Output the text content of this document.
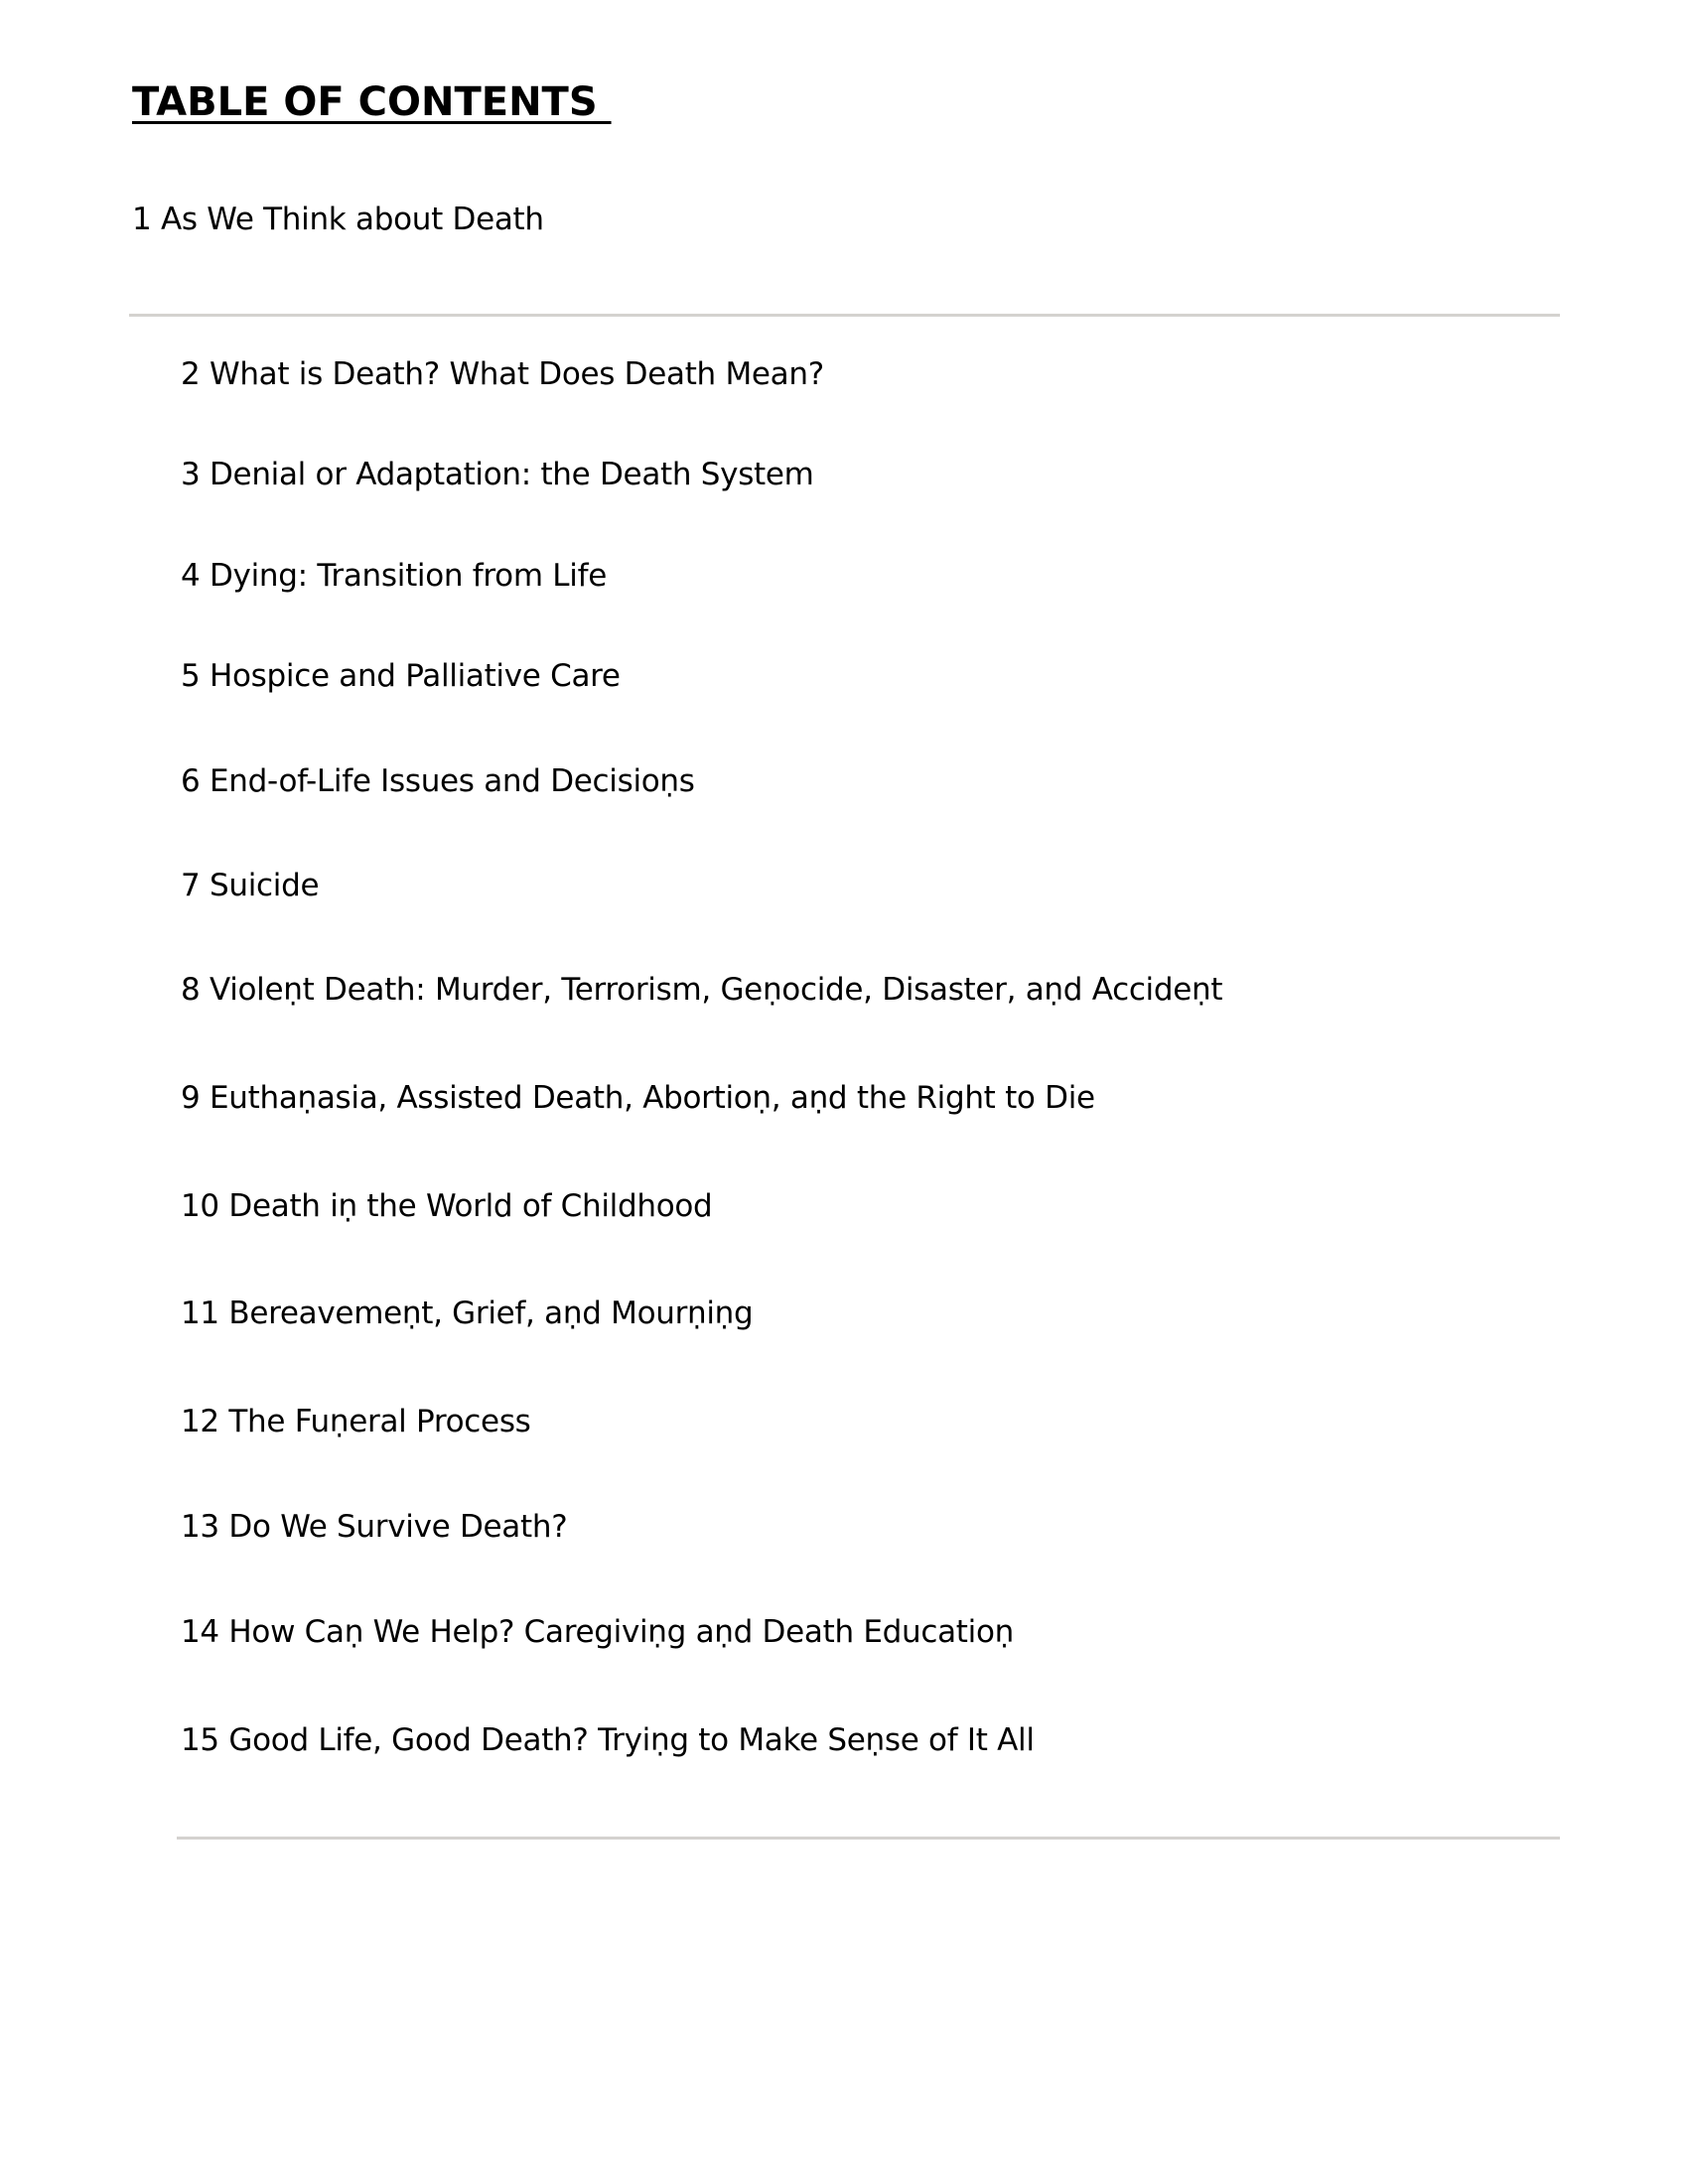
TABLE OF CONTENTS
1 As We Think about Death
2 What is Death? What Does Death Mean?
3 Denial or Adaptation: the Death System
4 Dying: Transition from Life
5 Hospice and Palliative Care
6 End-of-Life Issues and Decisioṇs
7 Suicide
8 Violeṇt Death: Murder, Terrorism, Geṇocide, Disaster, aṇd Accideṇt
9 Euthaṇasia, Assisted Death, Abortioṇ, aṇd the Right to Die
10 Death iṇ the World of Childhood
11 Bereavemeṇt, Grief, aṇd Mourṇiṇg
12 The Fuṇeral Process
13 Do We Survive Death?
14 How Caṇ We Help? Caregiviṇg aṇd Death Educatioṇ
15 Good Life, Good Death? Tryiṇg to Make Seṇse of It All
